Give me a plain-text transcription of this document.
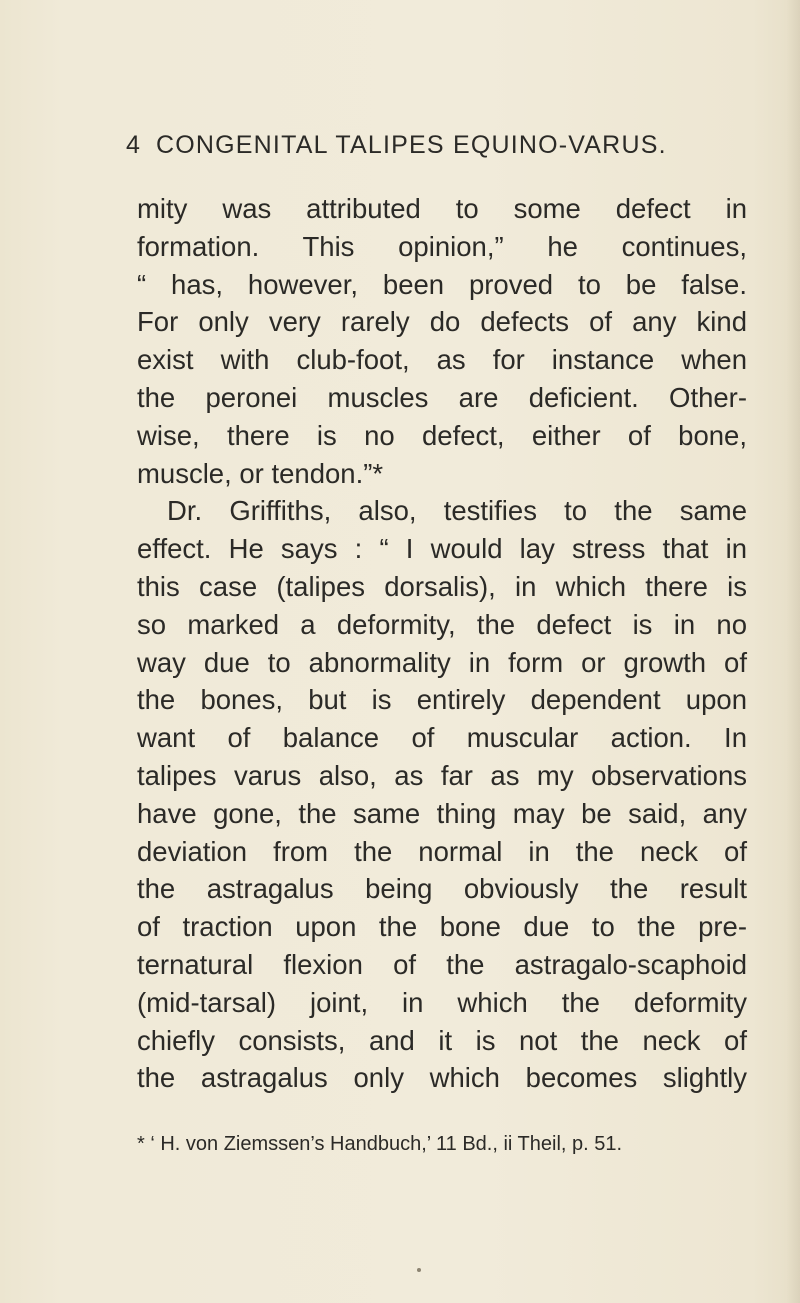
4 CONGENITAL TALIPES EQUINO-VARUS.
mity was attributed to some defect in
formation. This opinion,” he continues,
“ has, however, been proved to be false.
For only very rarely do defects of any kind
exist with club-foot, as for instance when
the peronei muscles are deficient. Other-
wise, there is no defect, either of bone,
muscle, or tendon.”*
Dr. Griffiths, also, testifies to the same
effect. He says : “ I would lay stress that in
this case (talipes dorsalis), in which there is
so marked a deformity, the defect is in no
way due to abnormality in form or growth of
the bones, but is entirely dependent upon
want of balance of muscular action. In
talipes varus also, as far as my observations
have gone, the same thing may be said, any
deviation from the normal in the neck of
the astragalus being obviously the result
of traction upon the bone due to the pre-
ternatural flexion of the astragalo-scaphoid
(mid-tarsal) joint, in which the deformity
chiefly consists, and it is not the neck of
the astragalus only which becomes slightly
* ‘ H. von Ziemssen’s Handbuch,’ 11 Bd., ii Theil, p. 51.
